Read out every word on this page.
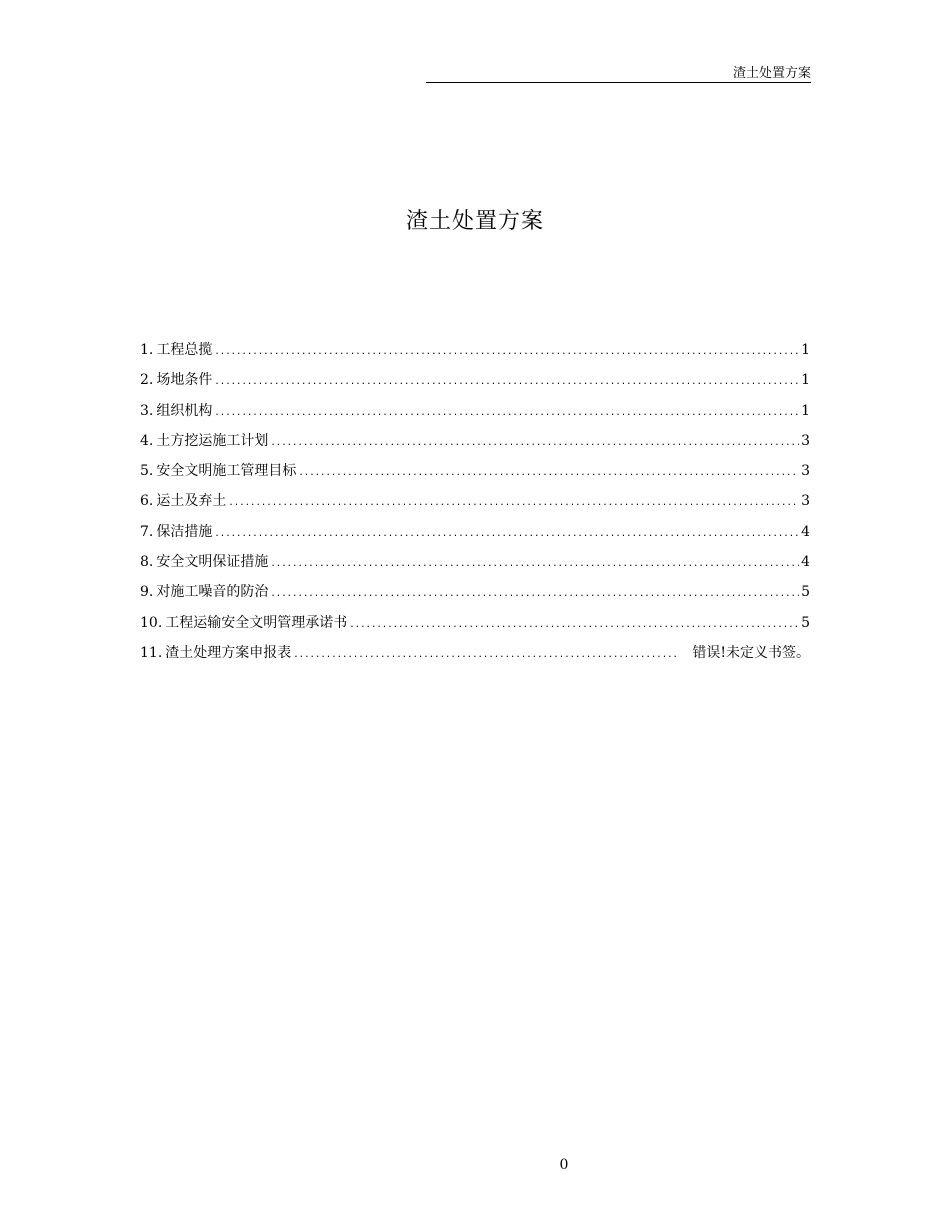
渣土处置方案
渣土处置方案
1. 工程总揽 .....	1
2. 场地条件 .....	1
3. 组织机构 .....	1
4. 土方挖运施工计划 .....	3
5. 安全文明施工管理目标 .....	3
6. 运土及弃土 .....	3
7. 保洁措施 .....	4
8. 安全文明保证措施 .....	4
9. 对施工噪音的防治 .....	5
10. 工程运输安全文明管理承诺书 .....	5
11. 渣土处理方案申报表 .....	错误!未定义书签。
0
